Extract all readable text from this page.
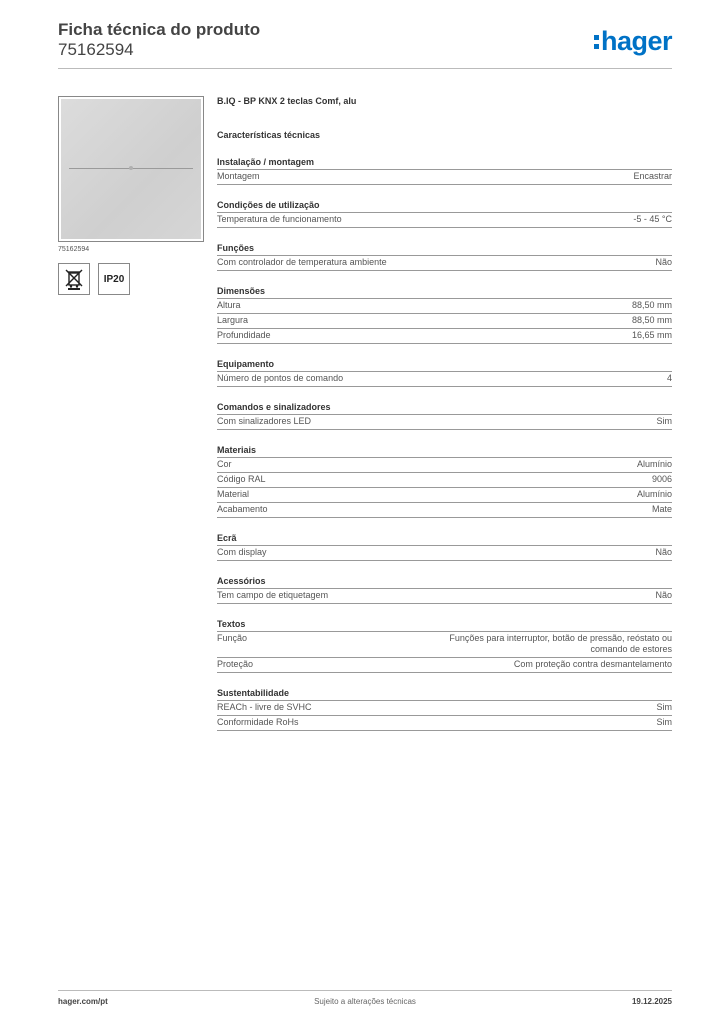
Ficha técnica do produto
75162594	hager
75162594
IP20
B.IQ - BP KNX 2 teclas Comf, alu
Características técnicas
Instalação / montagem
Montagem	Encastrar
Condições de utilização
Temperatura de funcionamento	-5 - 45 °C
Funções
Com controlador de temperatura ambiente	Não
Dimensões
Altura	88,50 mm
Largura	88,50 mm
Profundidade	16,65 mm
Equipamento
Número de pontos de comando	4
Comandos e sinalizadores
Com sinalizadores LED	Sim
Materiais
Cor	Alumínio
Código RAL	9006
Material	Alumínio
Acabamento	Mate
Ecrã
Com display	Não
Acessórios
Tem campo de etiquetagem	Não
Textos
Função	Funções para interruptor, botão de pressão, reóstato ou comando de estores
Proteção	Com proteção contra desmantelamento
Sustentabilidade
REACh - livre de SVHC	Sim
Conformidade RoHs	Sim
hager.com/pt	Sujeito a alterações técnicas	19.12.2025
